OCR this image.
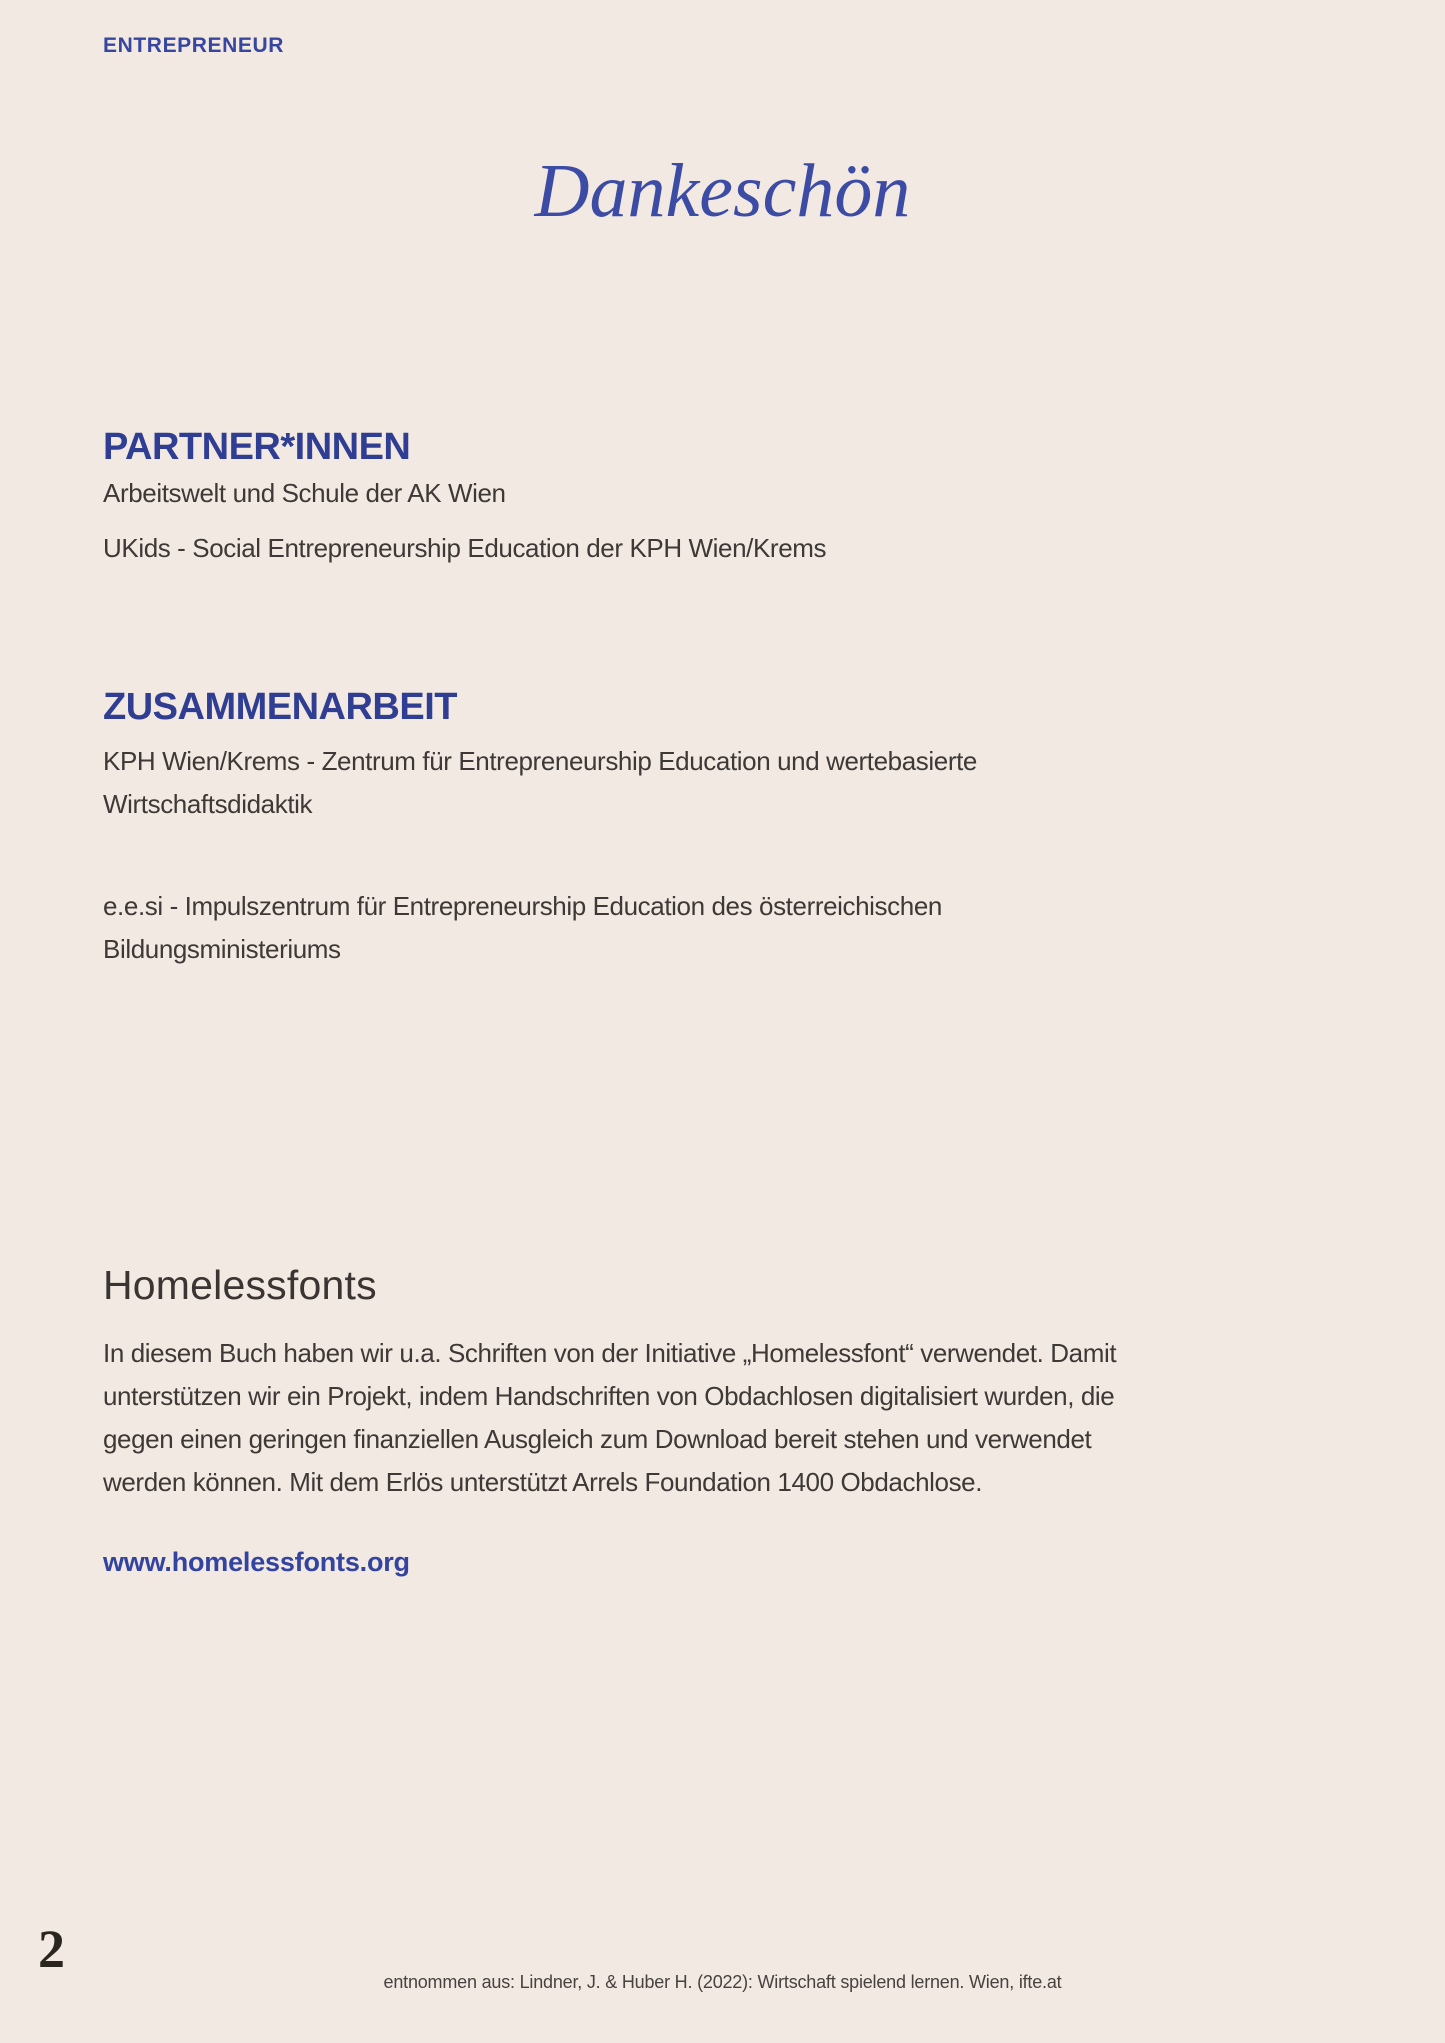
ENTREPRENEUR
Dankeschön
PARTNER*INNEN
Arbeitswelt und Schule der AK Wien
UKids - Social Entrepreneurship Education der KPH Wien/Krems
ZUSAMMENARBEIT
KPH Wien/Krems - Zentrum für Entrepreneurship Education und wertebasierte
Wirtschaftsdidaktik
e.e.si - Impulszentrum für Entrepreneurship Education des österreichischen
Bildungsministeriums
Homelessfonts
In diesem Buch haben wir u.a. Schriften von der Initiative „Homelessfont“ verwendet. Damit
unterstützen wir ein Projekt, indem Handschriften von Obdachlosen digitalisiert wurden, die
gegen einen geringen finanziellen Ausgleich zum Download bereit stehen und verwendet
werden können. Mit dem Erlös unterstützt Arrels Foundation 1400 Obdachlose.
www.homelessfonts.org
2
entnommen aus: Lindner, J. & Huber H. (2022): Wirtschaft spielend lernen. Wien, ifte.at
